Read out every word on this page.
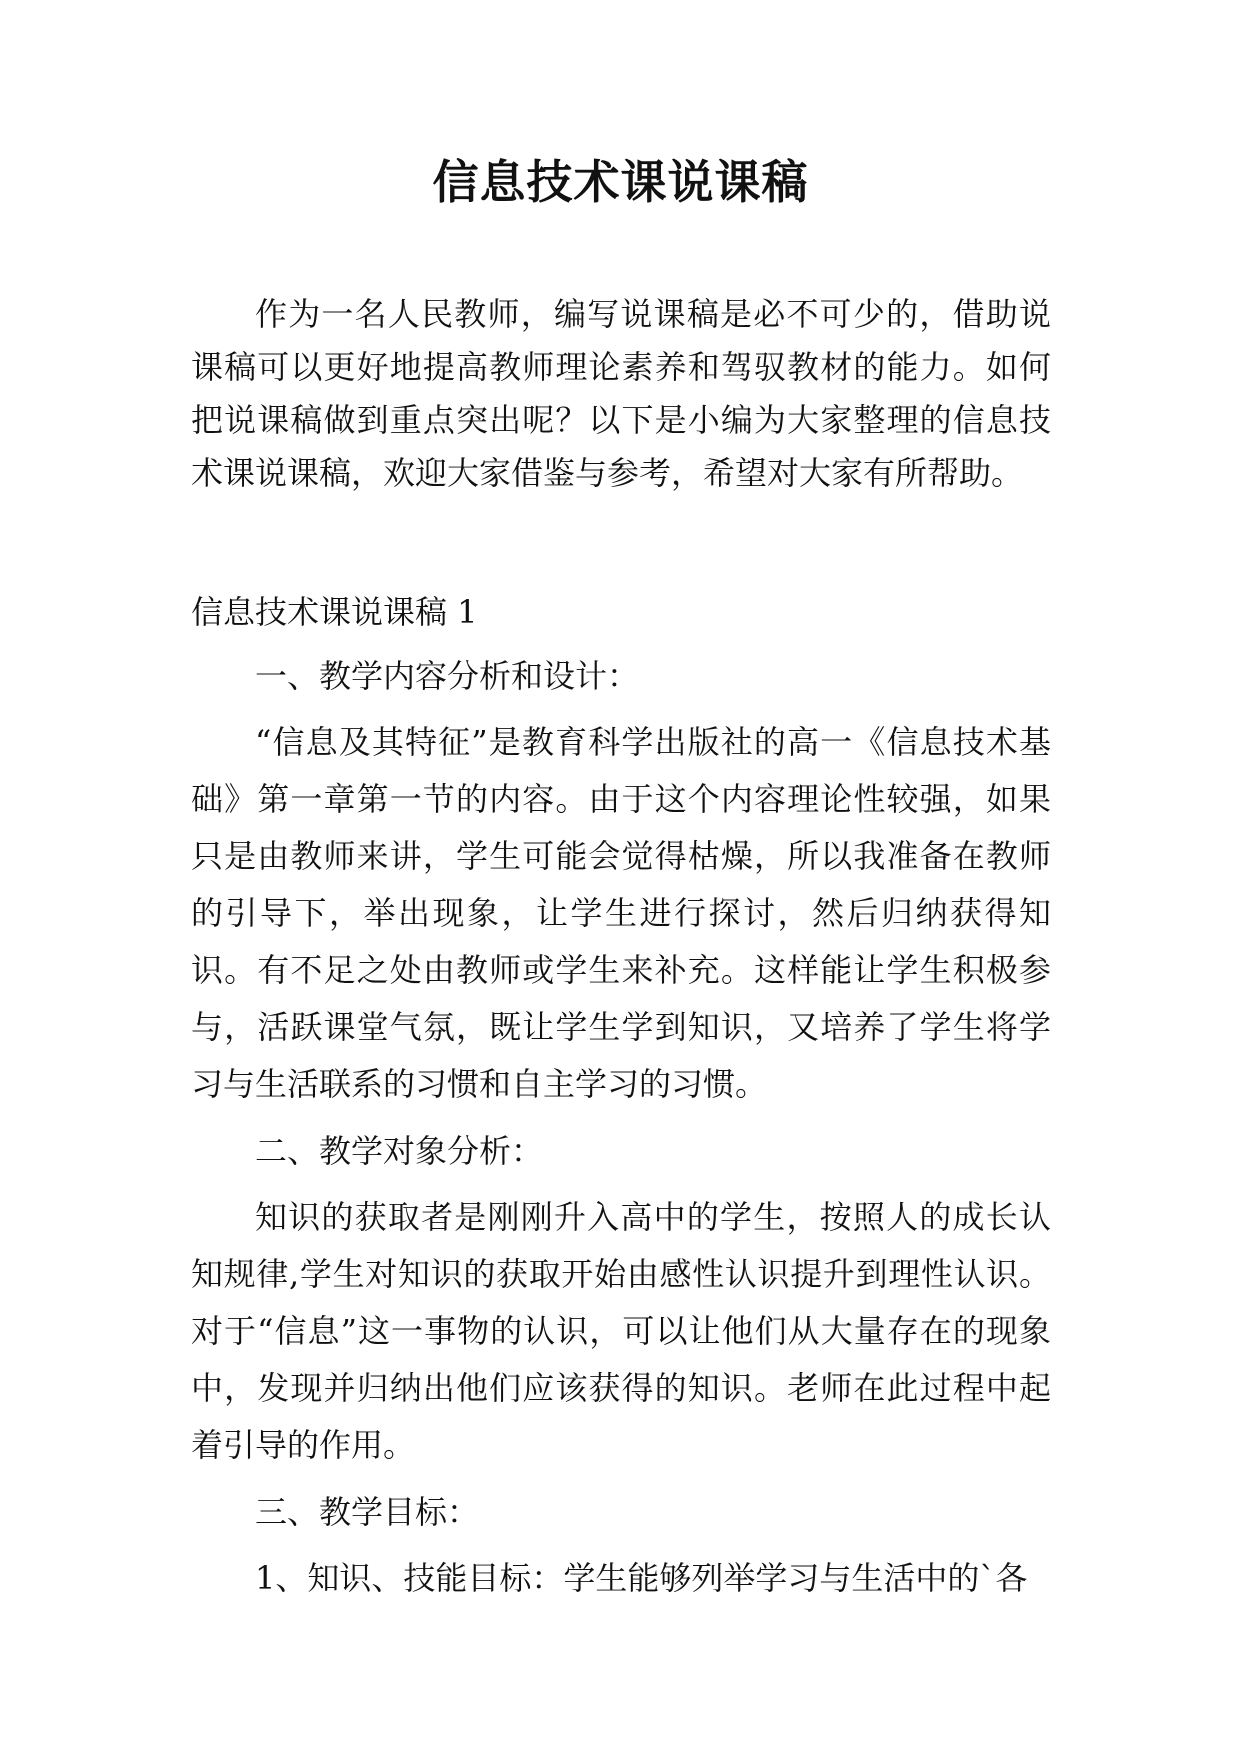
信息技术课说课稿

作为一名人民教师，编写说课稿是必不可少的，借助说课稿可以更好地提高教师理论素养和驾驭教材的能力。如何把说课稿做到重点突出呢？以下是小编为大家整理的信息技术课说课稿，欢迎大家借鉴与参考，希望对大家有所帮助。

信息技术课说课稿 1

一、教学内容分析和设计：

“信息及其特征”是教育科学出版社的高一《信息技术基础》第一章第一节的内容。由于这个内容理论性较强，如果只是由教师来讲，学生可能会觉得枯燥，所以我准备在教师的引导下，举出现象，让学生进行探讨，然后归纳获得知识。有不足之处由教师或学生来补充。这样能让学生积极参与，活跃课堂气氛，既让学生学到知识，又培养了学生将学习与生活联系的习惯和自主学习的习惯。

二、教学对象分析：

知识的获取者是刚刚升入高中的学生，按照人的成长认知规律,学生对知识的获取开始由感性认识提升到理性认识。对于“信息”这一事物的认识，可以让他们从大量存在的现象中，发现并归纳出他们应该获得的知识。老师在此过程中起着引导的作用。

三、教学目标：

1、知识、技能目标：学生能够列举学习与生活中的`各
